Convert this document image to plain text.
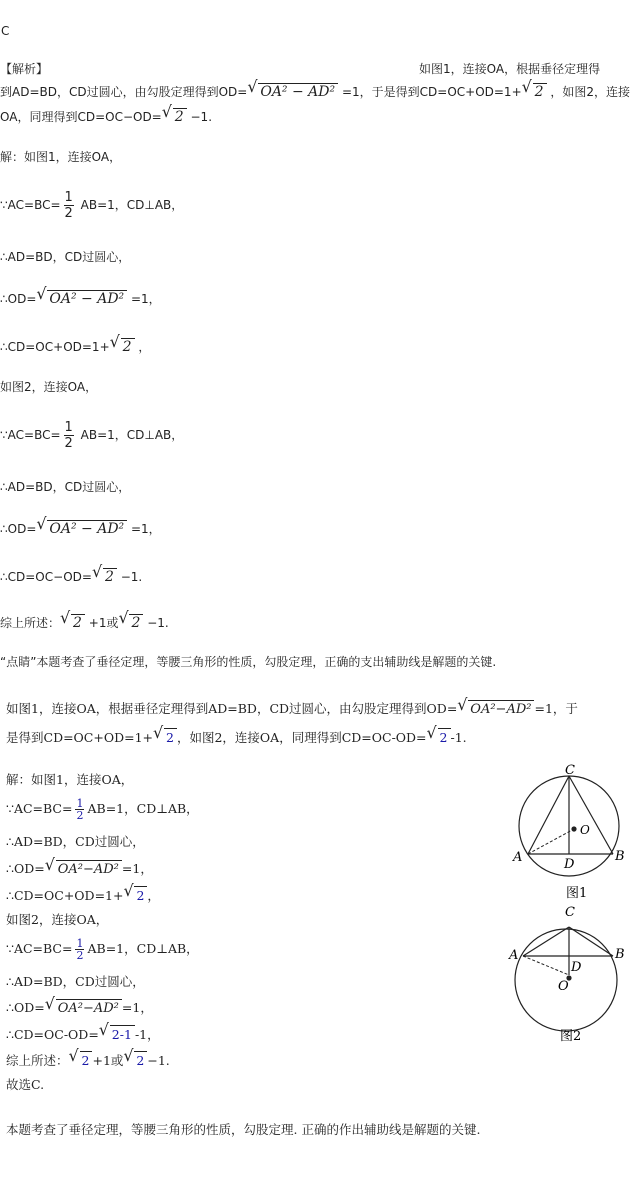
C
【解析】	如图1，连接OA，根据垂径定理得
到AD=BD，CD过圆心，由勾股定理得到OD= √ OA² − AD² =1，于是得到CD=OC+OD=1+ √ 2 ，如图2，连接
OA，同理得到CD=OC−OD= √ 2 −1.
解：如图1，连接OA，
∵AC=BC= $\frac{1}{2} AB=1$，CD⊥AB，
∴AD=BD，CD过圆心，
∴OD= √ OA² − AD² =1，
∴CD=OC+OD=1+ √ 2 ，
如图2，连接OA，
∵AC=BC= $\frac{1}{2} AB=1$，CD⊥AB，
∴AD=BD，CD过圆心，
∴OD= √ OA² − AD² =1，
∴CD=OC−OD= √ 2 −1.
综上所述： √ 2 +1或 √ 2 −1.
“点睛”本题考查了垂径定理，等腰三角形的性质，勾股定理，正确的支出辅助线是解题的关键.
如图1，连接OA，根据垂径定理得到AD=BD，CD过圆心，由勾股定理得到OD= √ OA²−AD² =1，于
是得到CD=OC+OD=1+ √ 2 ，如图2，连接OA，同理得到CD=OC-OD= √ 2 -1.
解：如图1，连接OA，
∵AC=BC= $\frac{1}{2} AB=1$，CD⊥AB，
∴AD=BD，CD过圆心，
∴OD= √ OA²−AD² =1，
∴CD=OC+OD=1+ √ 2 ，
如图2，连接OA，
∵AC=BC= $\frac{1}{2} AB=1$，CD⊥AB，
∴AD=BD，CD过圆心，
∴OD= √ OA²−AD² =1，
∴CD=OC-OD= √ 2-1 -1，
综上所述： √ 2 +1或 √ 2 −1.
故选C.
本题考查了垂径定理，等腰三角形的性质，勾股定理. 正确的作出辅助线是解题的关键.
C
O
A	D
B
图1
C
A	B
D
O
图2
